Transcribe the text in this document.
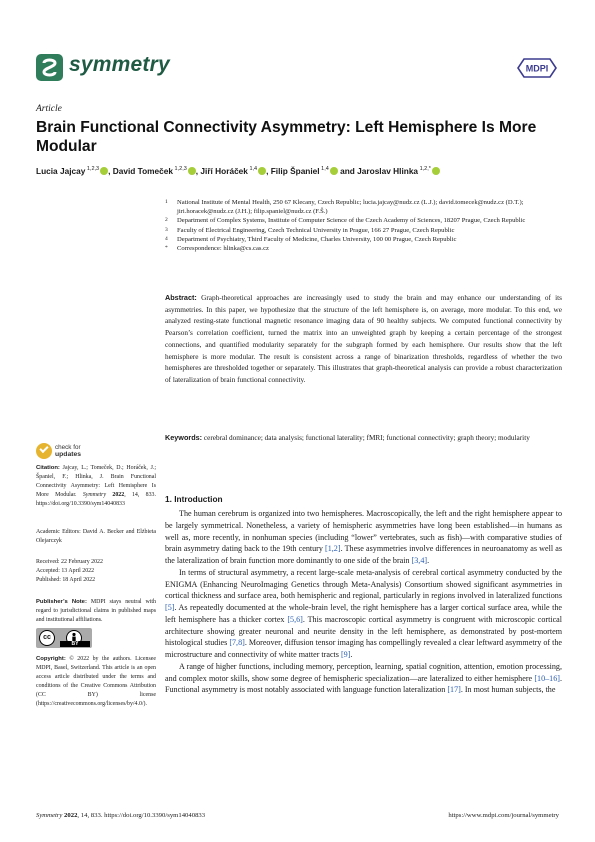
symmetry	MDPI
Article
Brain Functional Connectivity Asymmetry: Left Hemisphere Is More Modular
Lucia Jajcay $^{1,2,3}$ , David Tomeček $^{1,2,3}$ , Jiří Horáček $^{1,4}$ , Filip Španiel $^{1,4}$ and Jaroslav Hlinka $^{1,2,*}$
1	National Institute of Mental Health, 250 67 Klecany, Czech Republic; lucia.jajcay@nudz.cz (L.J.); david.tomecek@nudz.cz (D.T.); jiri.horacek@nudz.cz (J.H.); filip.spaniel@nudz.cz (F.Š.)
2	Department of Complex Systems, Institute of Computer Science of the Czech Academy of Sciences, 18207 Prague, Czech Republic
3	Faculty of Electrical Engineering, Czech Technical University in Prague, 166 27 Prague, Czech Republic
4	Department of Psychiatry, Third Faculty of Medicine, Charles University, 100 00 Prague, Czech Republic
*	Correspondence: hlinka@cs.cas.cz
Abstract: Graph-theoretical approaches are increasingly used to study the brain and may enhance our understanding of its asymmetries. In this paper, we hypothesize that the structure of the left hemisphere is, on average, more modular. To this end, we analyzed resting-state functional magnetic resonance imaging data of 90 healthy subjects. We computed functional connectivity by Pearson’s correlation coefficient, turned the matrix into an unweighted graph by keeping a certain percentage of the strongest connections, and quantified modularity separately for the subgraph formed by each hemisphere. Our results show that the left hemisphere is more modular. The result is consistent across a range of binarization thresholds, regardless of whether the two hemispheres are thresholded together or separately. This illustrates that graph-theoretical analysis can provide a robust characterization of lateralization of brain functional connectivity.
Keywords: cerebral dominance; data analysis; functional laterality; fMRI; functional connectivity; graph theory; modularity
check for
updates
Citation: Jajcay, L.; Tomeček, D.; Horáček, J.; Španiel, F.; Hlinka, J. Brain Functional Connectivity Asymmetry: Left Hemisphere Is More Modular. Symmetry 2022, 14, 833. https://doi.org/10.3390/sym14040833
Academic Editors: David A. Becker and Elżbieta Olejarczyk
Received: 22 February 2022
Accepted: 13 April 2022
Published: 18 April 2022
Publisher’s Note: MDPI stays neutral with regard to jurisdictional claims in published maps and institutional affiliations.
cc
BY
Copyright: © 2022 by the authors. Licensee MDPI, Basel, Switzerland. This article is an open access article distributed under the terms and conditions of the Creative Commons Attribution (CC BY) license (https://creativecommons.org/licenses/by/4.0/).
1. Introduction

The human cerebrum is organized into two hemispheres. Macroscopically, the left and the right hemisphere appear to be largely symmetrical. Nonetheless, a variety of hemispheric asymmetries have long been established—in humans as well as, more recently, in nonhuman species (including “lower” vertebrates, such as fish)—with comparative studies of brain asymmetry dating back to the 19th century [1,2]. These asymmetries involve differences in neuroanatomy as well as the lateralization of brain function more dominantly to one side of the brain [3,4].

In terms of structural asymmetry, a recent large-scale meta-analysis of cerebral cortical asymmetry conducted by the ENIGMA (Enhancing NeuroImaging Genetics through Meta-Analysis) Consortium showed significant asymmetries in cortical thickness and surface area, both hemispheric and regional, particularly in regions involved in lateralized functions [5]. As repeatedly documented at the whole-brain level, the right hemisphere has a larger cortical surface area, while the left hemisphere has a thicker cortex [5,6]. This macroscopic cortical asymmetry is congruent with microscopic cortical architecture showing greater neuronal and neurite density in the left hemisphere, as demonstrated by post-mortem histological studies [7,8]. Moreover, diffusion tensor imaging has compellingly revealed a clear leftward asymmetry of the microstructure and connectivity of white matter tracts [9].

A range of higher functions, including memory, perception, learning, spatial cognition, attention, emotion processing, and complex motor skills, show some degree of hemispheric specialization—are lateralized to either hemisphere [10–16]. Functional asymmetry is most notably associated with language function lateralization [17]. In most human subjects, the

Symmetry 2022, 14, 833. https://doi.org/10.3390/sym14040833	https://www.mdpi.com/journal/symmetry
